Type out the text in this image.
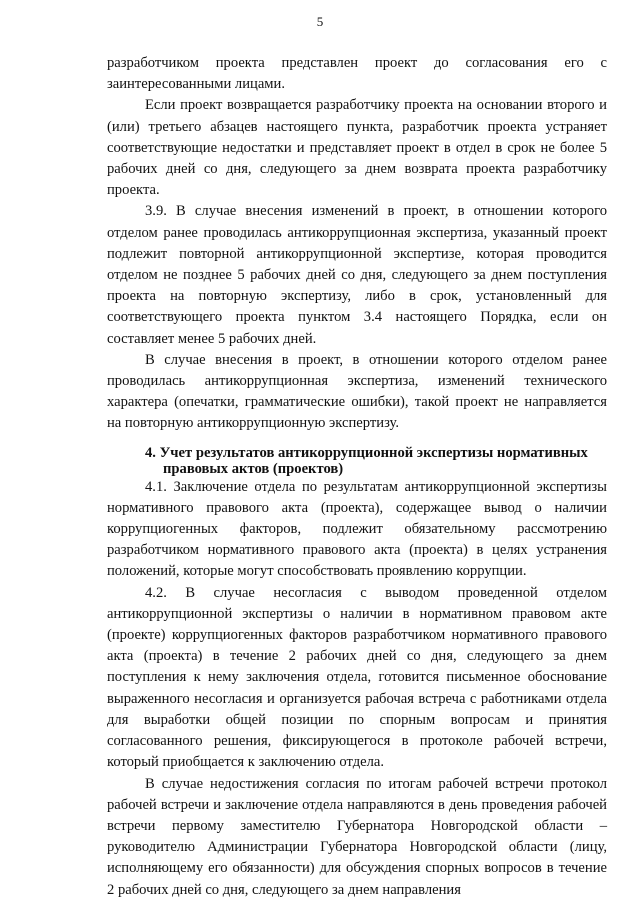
5

разработчиком проекта представлен проект до согласования его с заинтересованными лицами.

Если проект возвращается разработчику проекта на основании второго и (или) третьего абзацев настоящего пункта, разработчик проекта устраняет соответствующие недостатки и представляет проект в отдел в срок не более 5 рабочих дней со дня, следующего за днем возврата проекта разработчику проекта.

3.9. В случае внесения изменений в проект, в отношении которого отделом ранее проводилась антикоррупционная экспертиза, указанный проект подлежит повторной антикоррупционной экспертизе, которая проводится отделом не позднее 5 рабочих дней со дня, следующего за днем поступления проекта на повторную экспертизу, либо в срок, установленный для соответствующего проекта пунктом 3.4 настоящего Порядка, если он составляет менее 5 рабочих дней.

В случае внесения в проект, в отношении которого отделом ранее проводилась антикоррупционная экспертиза, изменений технического характера (опечатки, грамматические ошибки), такой проект не направляется на повторную антикоррупционную экспертизу.

4. Учет результатов антикоррупционной экспертизы нормативных
правовых актов (проектов)

4.1. Заключение отдела по результатам антикоррупционной экспертизы нормативного правового акта (проекта), содержащее вывод о наличии коррупциогенных факторов, подлежит обязательному рассмотрению разработчиком нормативного правового акта (проекта) в целях устранения положений, которые могут способствовать проявлению коррупции.

4.2. В случае несогласия с выводом проведенной отделом антикоррупционной экспертизы о наличии в нормативном правовом акте (проекте) коррупциогенных факторов разработчиком нормативного правового акта (проекта) в течение 2 рабочих дней со дня, следующего за днем поступления к нему заключения отдела, готовится письменное обоснование выраженного несогласия и организуется рабочая встреча с работниками отдела для выработки общей позиции по спорным вопросам и принятия согласованного решения, фиксирующегося в протоколе рабочей встречи, который приобщается к заключению отдела.

В случае недостижения согласия по итогам рабочей встречи протокол рабочей встречи и заключение отдела направляются в день проведения рабочей встречи первому заместителю Губернатора Новгородской области – руководителю Администрации Губернатора Новгородской области (лицу, исполняющему его обязанности) для обсуждения спорных вопросов в течение 2 рабочих дней со дня, следующего за днем направления
